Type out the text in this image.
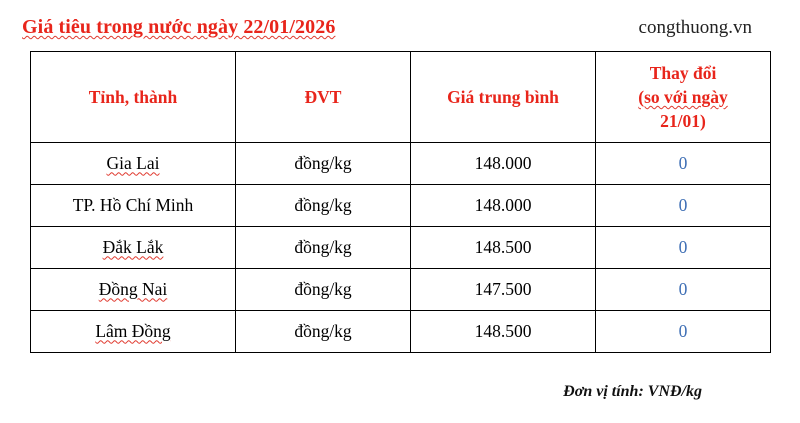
Giá tiêu trong nước ngày 22/01/2026	congthuong.vn
Tỉnh, thành	ĐVT	Giá trung bình	Thay đổi
(so với ngày
21/01)

Gia Lai	đồng/kg	148.000	0
TP. Hồ Chí Minh	đồng/kg	148.000	0
Đắk Lắk	đồng/kg	148.500	0
Đồng Nai	đồng/kg	147.500	0
Lâm Đồng	đồng/kg	148.500	0
Đơn vị tính: VNĐ/kg
